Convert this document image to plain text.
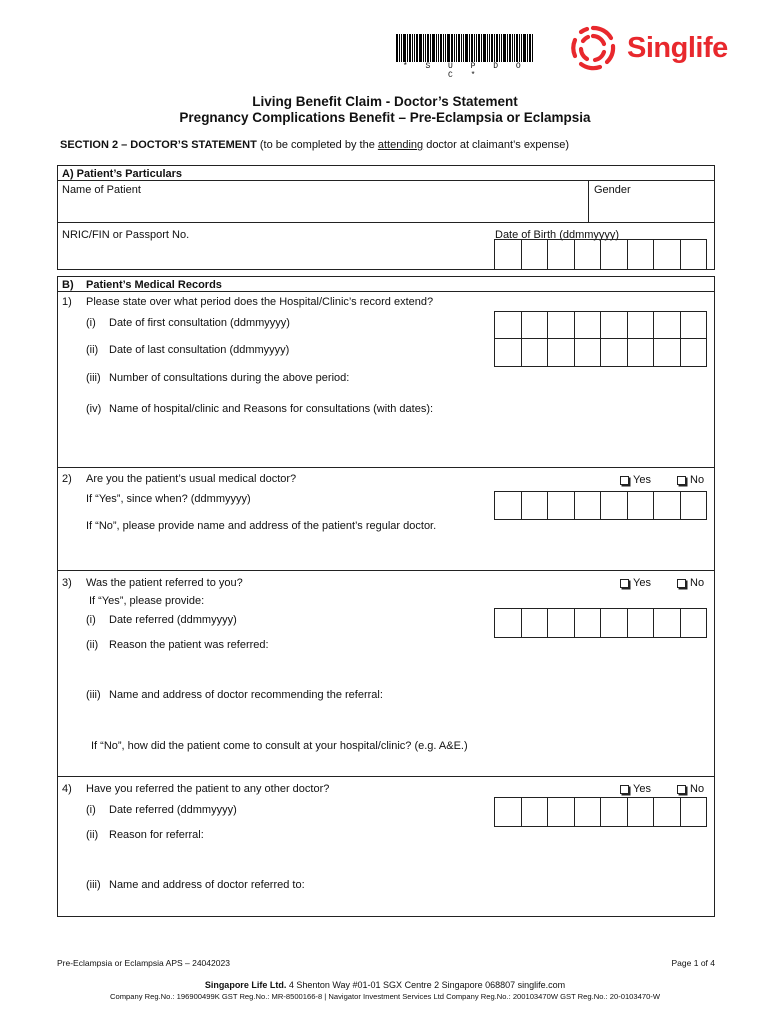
* S U P D O C *
Singlife
Living Benefit Claim - Doctor’s Statement
Pregnancy Complications Benefit – Pre-Eclampsia or Eclampsia
SECTION 2 – DOCTOR’S STATEMENT (to be completed by the attending doctor at claimant’s expense)
A) Patient’s Particulars
Name of Patient	Gender
NRIC/FIN or Passport No.	Date of Birth (ddmmyyyy)
B) Patient’s Medical Records
1) Please state over what period does the Hospital/Clinic’s record extend?
(i) Date of first consultation (ddmmyyyy)
(ii) Date of last consultation (ddmmyyyy)
(iii) Number of consultations during the above period:
(iv) Name of hospital/clinic and Reasons for consultations (with dates):
2) Are you the patient’s usual medical doctor?	Yes	No
If “Yes”, since when? (ddmmyyyy)
If “No”, please provide name and address of the patient’s regular doctor.
3) Was the patient referred to you?	Yes	No
If “Yes”, please provide:
(i) Date referred (ddmmyyyy)
(ii) Reason the patient was referred:
(iii) Name and address of doctor recommending the referral:
If “No”, how did the patient come to consult at your hospital/clinic? (e.g. A&E.)
4) Have you referred the patient to any other doctor?	Yes	No
(i) Date referred (ddmmyyyy)
(ii) Reason for referral:
(iii) Name and address of doctor referred to:
Pre-Eclampsia or Eclampsia APS – 24042023	Page 1 of 4
Singapore Life Ltd. 4 Shenton Way #01-01 SGX Centre 2 Singapore 068807 singlife.com
Company Reg.No.: 196900499K GST Reg.No.: MR-8500166-8 | Navigator Investment Services Ltd Company Reg.No.: 200103470W GST Reg.No.: 20-0103470-W
